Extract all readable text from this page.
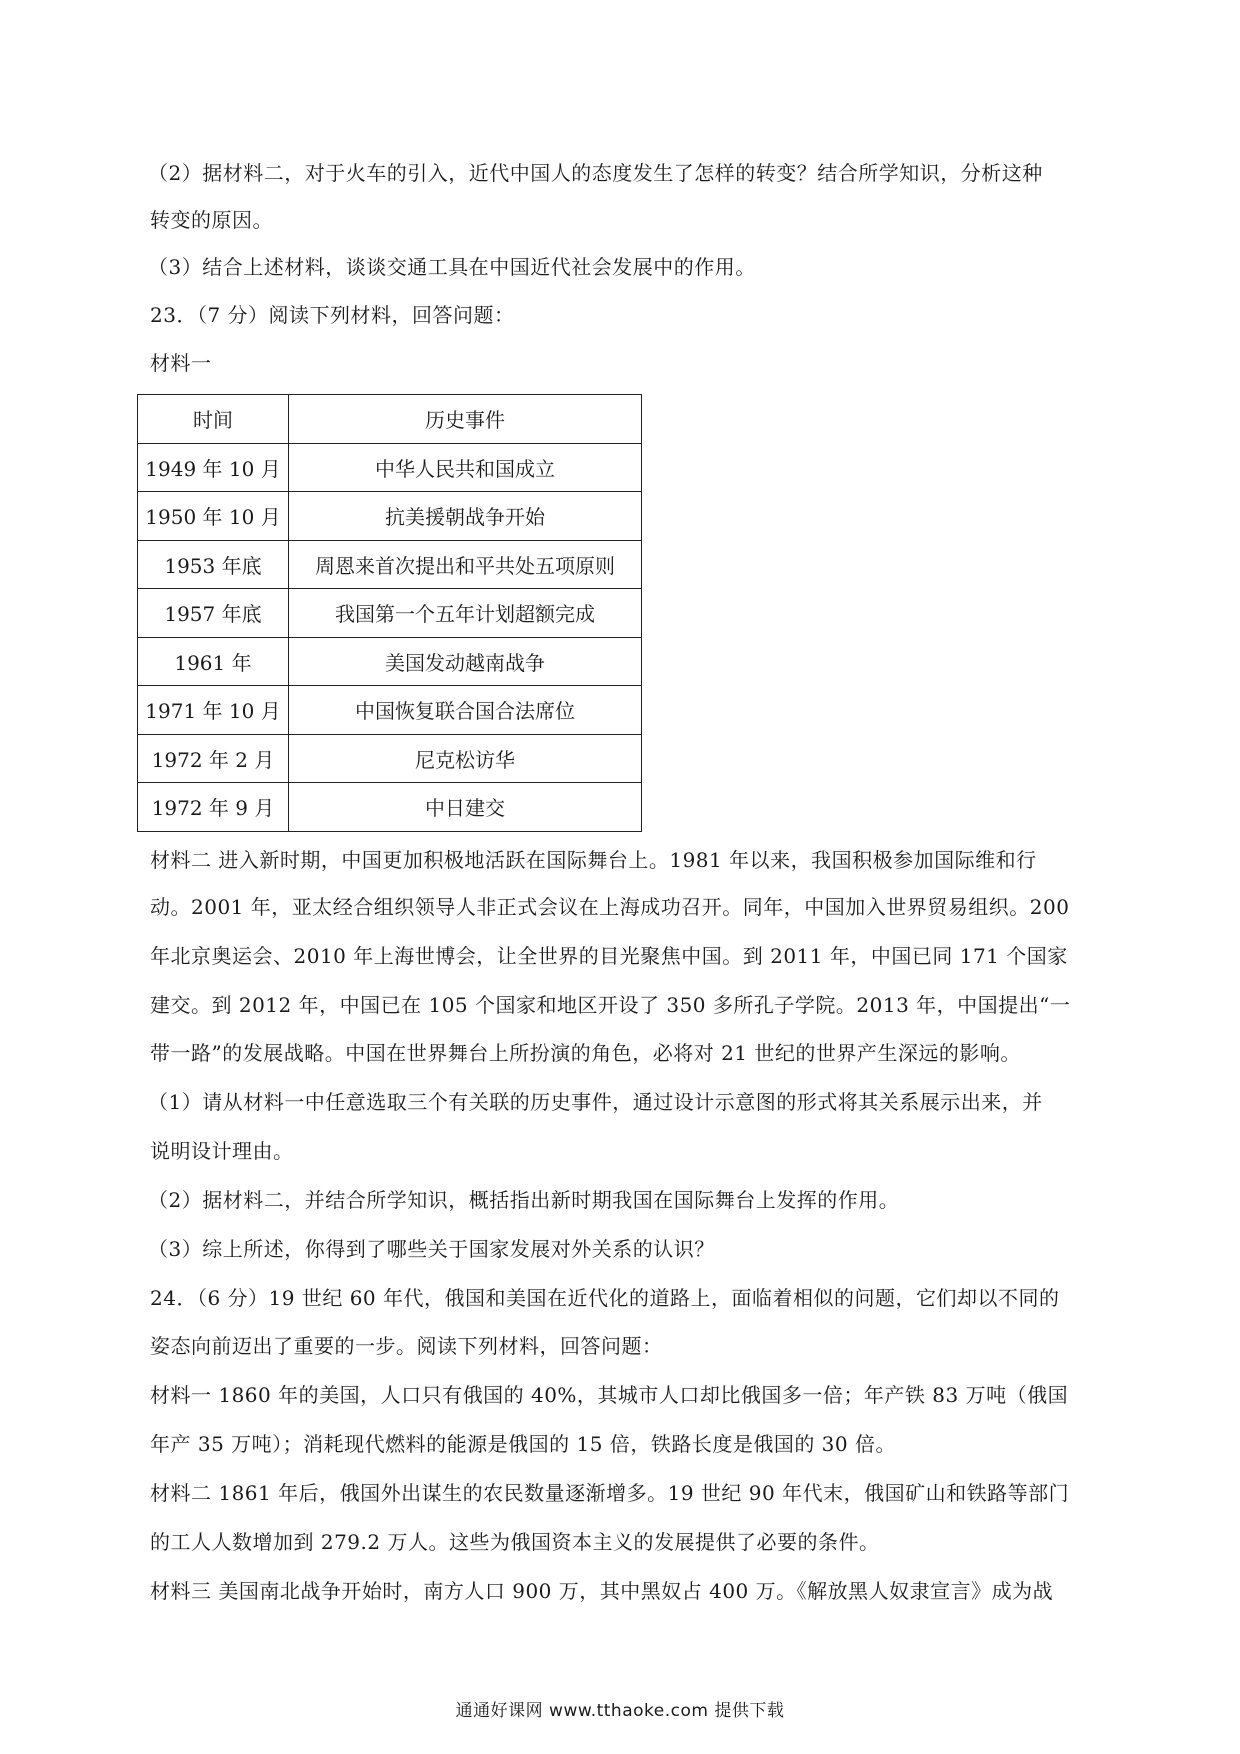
（2）据材料二，对于火车的引入，近代中国人的态度发生了怎样的转变？结合所学知识，分析这种
转变的原因。
（3）结合上述材料，谈谈交通工具在中国近代社会发展中的作用。
23．（7 分）阅读下列材料，回答问题：
材料一
时间	历史事件
1949 年 10 月	中华人民共和国成立
1950 年 10 月	抗美援朝战争开始
1953 年底	周恩来首次提出和平共处五项原则
1957 年底	我国第一个五年计划超额完成
1961 年	美国发动越南战争
1971 年 10 月	中国恢复联合国合法席位
1972 年 2 月	尼克松访华
1972 年 9 月	中日建交
材料二 进入新时期，中国更加积极地活跃在国际舞台上。1981 年以来，我国积极参加国际维和行
动。2001 年，亚太经合组织领导人非正式会议在上海成功召开。同年，中国加入世界贸易组织。200
年北京奥运会、2010 年上海世博会，让全世界的目光聚焦中国。到 2011 年，中国已同 171 个国家
建交。到 2012 年，中国已在 105 个国家和地区开设了 350 多所孔子学院。2013 年，中国提出“一
带一路”的发展战略。中国在世界舞台上所扮演的角色，必将对 21 世纪的世界产生深远的影响。
（1）请从材料一中任意选取三个有关联的历史事件，通过设计示意图的形式将其关系展示出来，并
说明设计理由。
（2）据材料二，并结合所学知识，概括指出新时期我国在国际舞台上发挥的作用。
（3）综上所述，你得到了哪些关于国家发展对外关系的认识？
24．（6 分）19 世纪 60 年代，俄国和美国在近代化的道路上，面临着相似的问题，它们却以不同的
姿态向前迈出了重要的一步。阅读下列材料，回答问题：
材料一 1860 年的美国，人口只有俄国的 40%，其城市人口却比俄国多一倍；年产铁 83 万吨（俄国
年产 35 万吨）；消耗现代燃料的能源是俄国的 15 倍，铁路长度是俄国的 30 倍。
材料二 1861 年后，俄国外出谋生的农民数量逐渐增多。19 世纪 90 年代末，俄国矿山和铁路等部门
的工人人数增加到 279.2 万人。这些为俄国资本主义的发展提供了必要的条件。
材料三 美国南北战争开始时，南方人口 900 万，其中黑奴占 400 万。《解放黑人奴隶宣言》成为战
通通好课网 www.tthaoke.com 提供下载
